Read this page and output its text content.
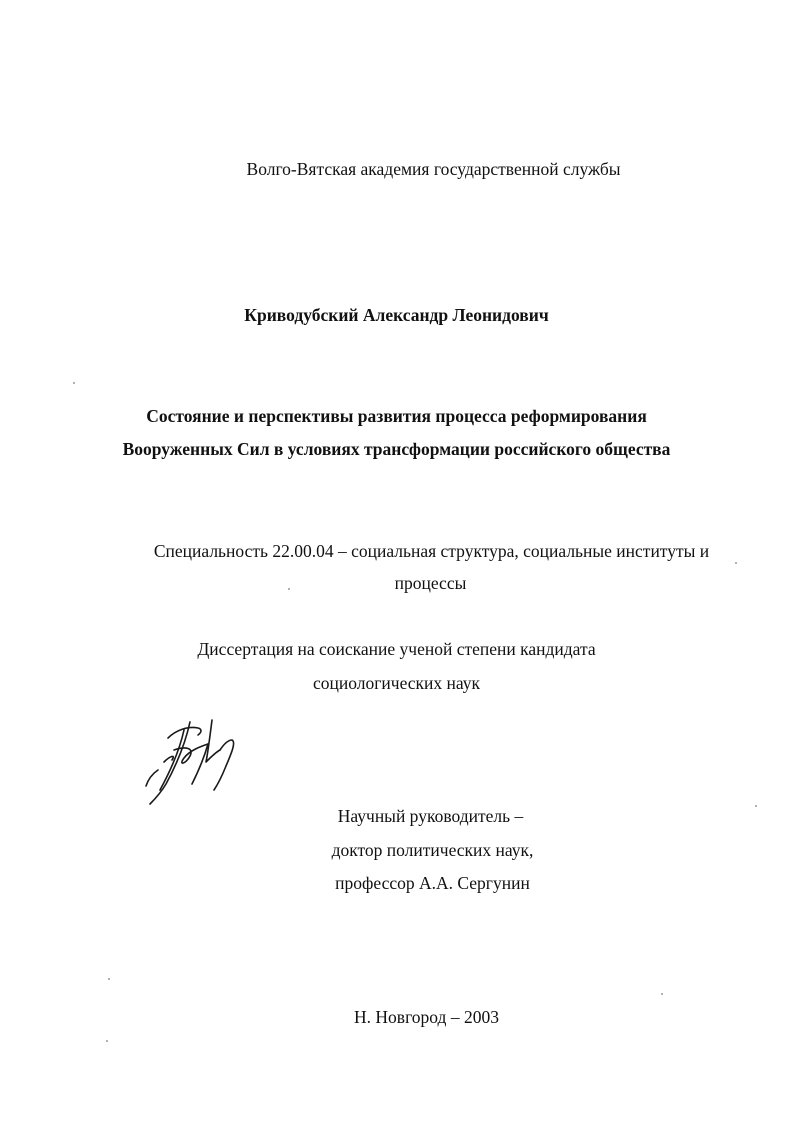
Волго-Вятская академия государственной службы
Криводубский Александр Леонидович
Состояние и перспективы развития процесса реформирования
Вооруженных Сил в условиях трансформации российского общества
Специальность 22.00.04 – социальная структура, социальные институты и
процессы
Диссертация на соискание ученой степени кандидата
социологических наук
Научный руководитель –
доктор политических наук,
профессор А.А. Сергунин
Н. Новгород – 2003
